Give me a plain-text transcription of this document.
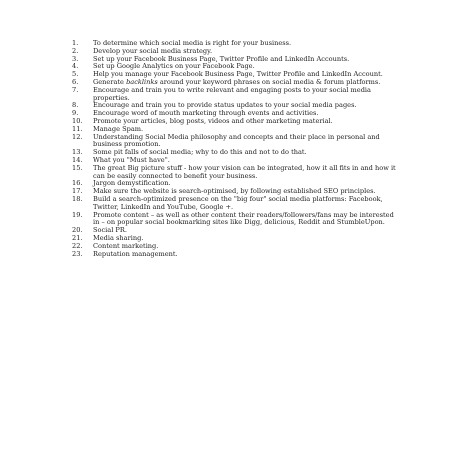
1.	To determine which social media is right for your business.
2.	Develop your social media strategy.
3.	Set up your Facebook Business Page, Twitter Profile and LinkedIn Accounts.
4.	Set up Google Analytics on your Facebook Page.
5.	Help you manage your Facebook Business Page, Twitter Profile and LinkedIn Account.
6.	Generate backlinks around your keyword phrases on social media & forum platforms.
7.	Encourage and train you to write relevant and engaging posts to your social media properties.
8.	Encourage and train you to provide status updates to your social media pages.
9.	Encourage word of mouth marketing through events and activities.
10.	Promote your articles, blog posts, videos and other marketing material.
11.	Manage Spam.
12.	Understanding Social Media philosophy and concepts and their place in personal and business promotion.
13.	Some pit falls of social media; why to do this and not to do that.
14.	What you "Must have".
15.	The great Big picture stuff - how your vision can be integrated, how it all fits in and how it can be easily connected to benefit your business.
16.	Jargon demystification.
17.	Make sure the website is search-optimised, by following established SEO principles.
18.	Build a search-optimized presence on the "big four" social media platforms: Facebook, Twitter, LinkedIn and YouTube, Google +.
19.	Promote content – as well as other content their readers/followers/fans may be interested in – on popular social bookmarking sites like Digg, delicious, Reddit and StumbleUpon.
20.	Social PR.
21.	Media sharing.
22.	Content marketing.
23.	Reputation management.
